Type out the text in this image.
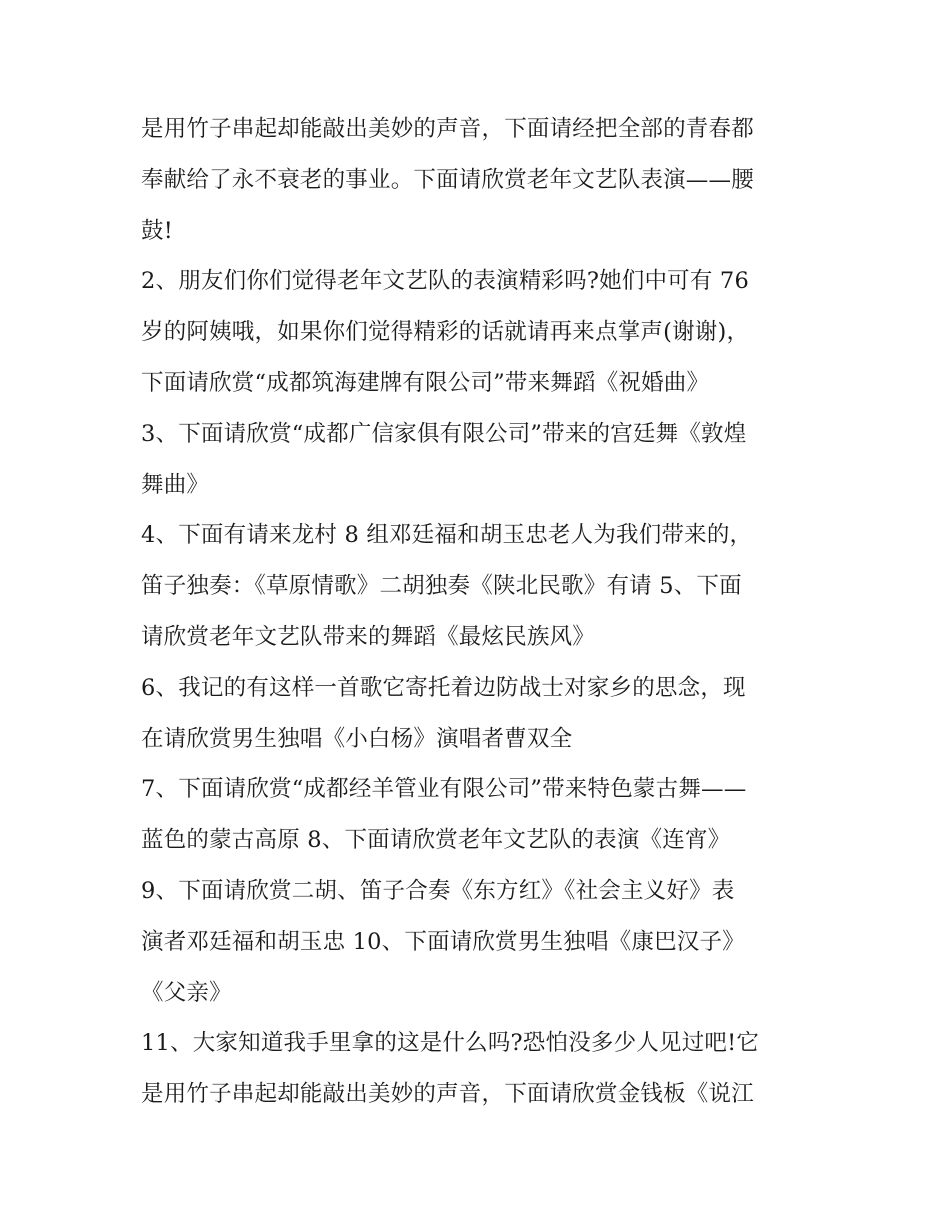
是用竹子串起却能敲出美妙的声音，下面请经把全部的青春都
奉献给了永不衰老的事业。下面请欣赏老年文艺队表演——腰
鼓!
2、朋友们你们觉得老年文艺队的表演精彩吗?她们中可有 76
岁的阿姨哦，如果你们觉得精彩的话就请再来点掌声(谢谢)，
下面请欣赏“成都筑海建牌有限公司”带来舞蹈《祝婚曲》
3、下面请欣赏“成都广信家俱有限公司”带来的宫廷舞《敦煌
舞曲》
4、下面有请来龙村 8 组邓廷福和胡玉忠老人为我们带来的，
笛子独奏：《草原情歌》二胡独奏《陕北民歌》有请 5、下面
请欣赏老年文艺队带来的舞蹈《最炫民族风》
6、我记的有这样一首歌它寄托着边防战士对家乡的思念，现
在请欣赏男生独唱《小白杨》演唱者曹双全
7、下面请欣赏“成都经羊管业有限公司”带来特色蒙古舞——
蓝色的蒙古高原 8、下面请欣赏老年文艺队的表演《连宵》
9、下面请欣赏二胡、笛子合奏《东方红》《社会主义好》表
演者邓廷福和胡玉忠 10、下面请欣赏男生独唱《康巴汉子》
《父亲》
11、大家知道我手里拿的这是什么吗?恐怕没多少人见过吧!它
是用竹子串起却能敲出美妙的声音，下面请欣赏金钱板《说江
